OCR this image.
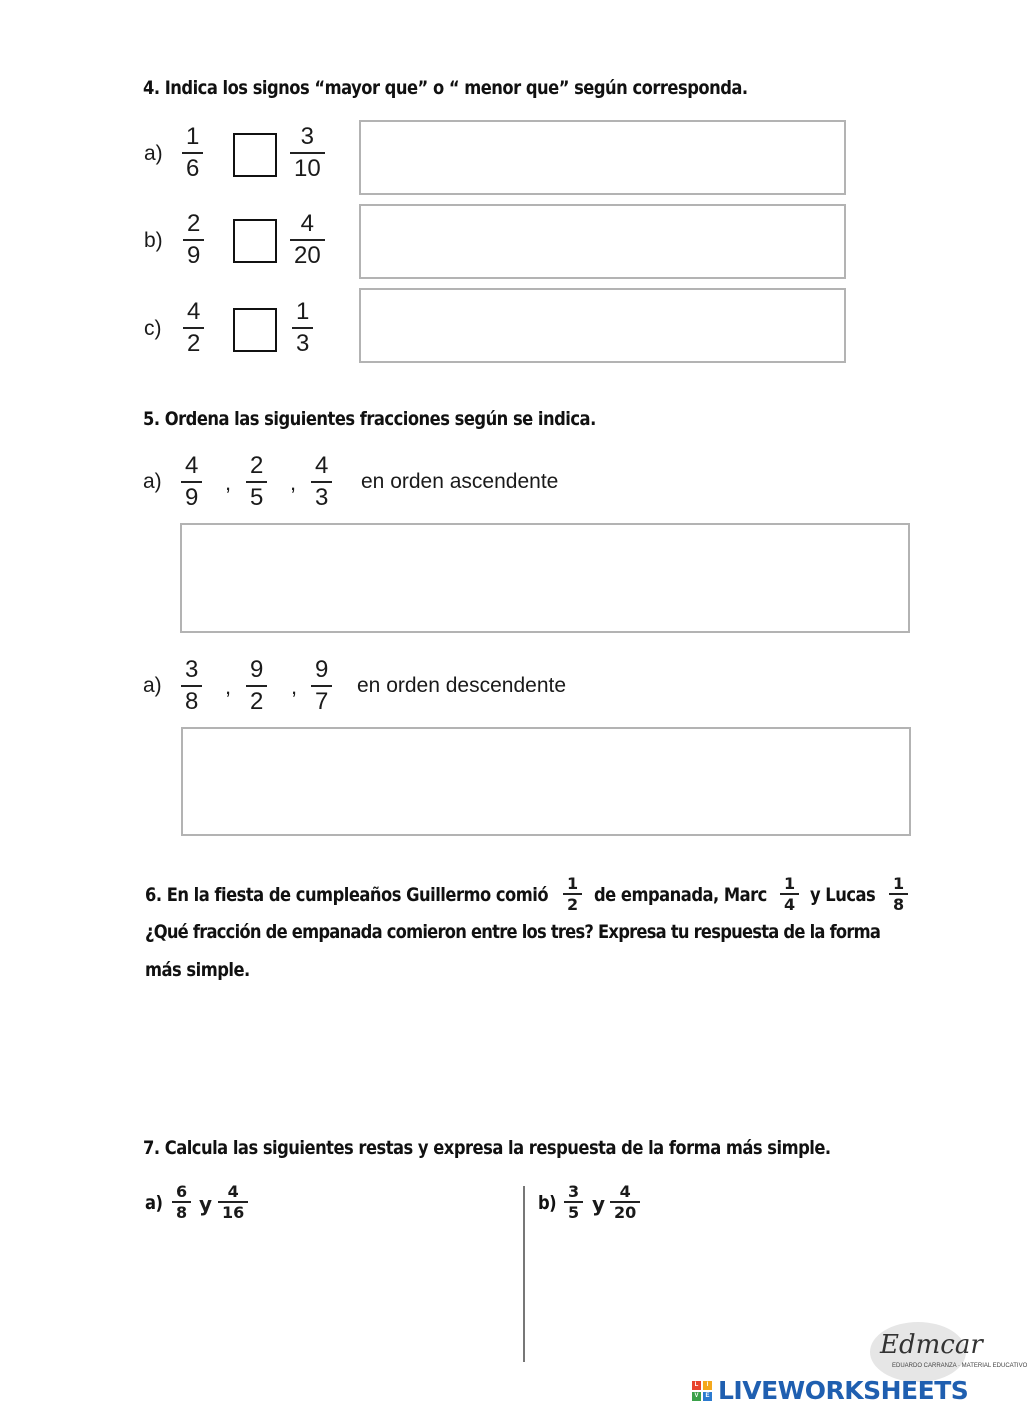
4. Indica los signos “mayor que” o “ menor que” según corresponda.
a)
1
6
3
10
b)
2
9
4
20
c)
4
2
1
3
5. Ordena las siguientes fracciones según se indica.
a)
4
9
,
2
5
,
4
3
en orden ascendente
a)
3
8
,
9
2
,
9
7
en orden descendente
6. En la fiesta de cumpleaños Guillermo comió
1
2 de empanada, Marc
1
4 y Lucas
1
8
¿Qué fracción de empanada comieron entre los tres? Expresa tu respuesta de la forma
más simple.
7. Calcula las siguientes restas y expresa la respuesta de la forma más simple.
a)
6
8 y
4
16	b)
3
5 y
4
20
Edmcar
EDUARDO CARRANZA · MATERIAL EDUCATIVO
L	I
V	E LIVEWORKSHEETS
